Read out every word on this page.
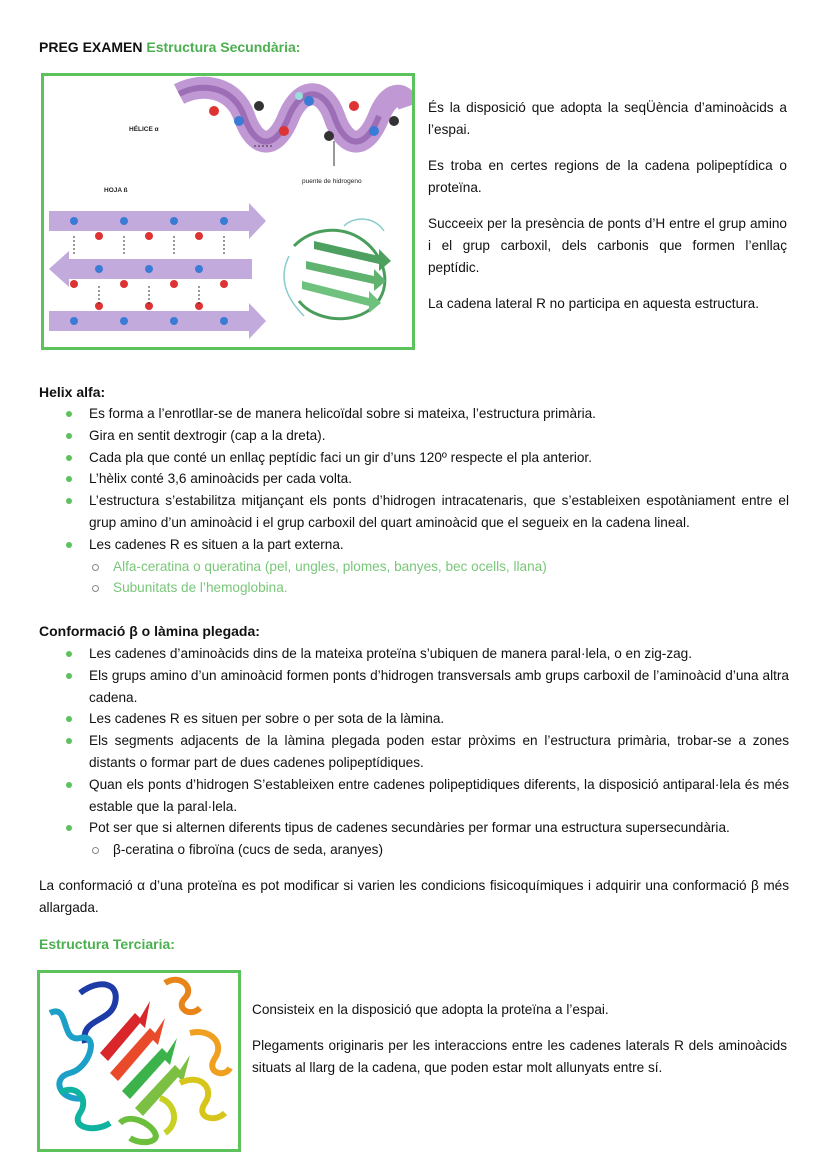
PREG EXAMEN Estructura Secundària:
HÉLICE α
puente de hidrogeno
HOJA ß

És la disposició que adopta la seqÜència d’aminoàcids a l’espai.

Es troba en certes regions de la cadena polipeptídica o proteïna.

Succeeix per la presència de ponts d’H entre el grup amino i el grup carboxil, dels carbonis que formen l’enllaç peptídic.

La cadena lateral R no participa en aquesta estructura.

Helix alfa:
Es forma a l’enrotllar-se de manera helicoïdal sobre si mateixa, l’estructura primària.
Gira en sentit dextrogir (cap a la dreta).
Cada pla que conté un enllaç peptídic faci un gir d’uns 120º respecte el pla anterior.
L’hèlix conté 3,6 aminoàcids per cada volta.
L’estructura s’estabilitza mitjançant els ponts d’hidrogen intracatenaris, que s’estableixen espotàniament entre el grup amino d’un aminoàcid i el grup carboxil del quart aminoàcid que el segueix en la cadena lineal.
Les cadenes R es situen a la part externa.
Alfa-ceratina o queratina (pel, ungles, plomes, banyes, bec ocells, llana)
Subunitats de l’hemoglobina.
Conformació β o làmina plegada:
Les cadenes d’aminoàcids dins de la mateixa proteïna s’ubiquen de manera paral·lela, o en zig-zag.
Els grups amino d’un aminoàcid formen ponts d’hidrogen transversals amb grups carboxil de l’aminoàcid d’una altra cadena.
Les cadenes R es situen per sobre o per sota de la làmina.
Els segments adjacents de la làmina plegada poden estar pròxims en l’estructura primària, trobar-se a zones distants o formar part de dues cadenes polipeptídiques.
Quan els ponts d’hidrogen S’estableixen entre cadenes polipeptidiques diferents, la disposició antiparal·lela és més estable que la paral·lela.
Pot ser que si alternen diferents tipus de cadenes secundàries per formar una estructura supersecundària.
β-ceratina o fibroïna (cucs de seda, aranyes)
La conformació α d’una proteïna es pot modificar si varien les condicions fisicoquímiques i adquirir una conformació β més allargada.
Estructura Terciaria:

Consisteix en la disposició que adopta la proteïna a l’espai.

Plegaments originaris per les interaccions entre les cadenes laterals R dels aminoàcids situats al llarg de la cadena, que poden estar molt allunyats entre sí.
